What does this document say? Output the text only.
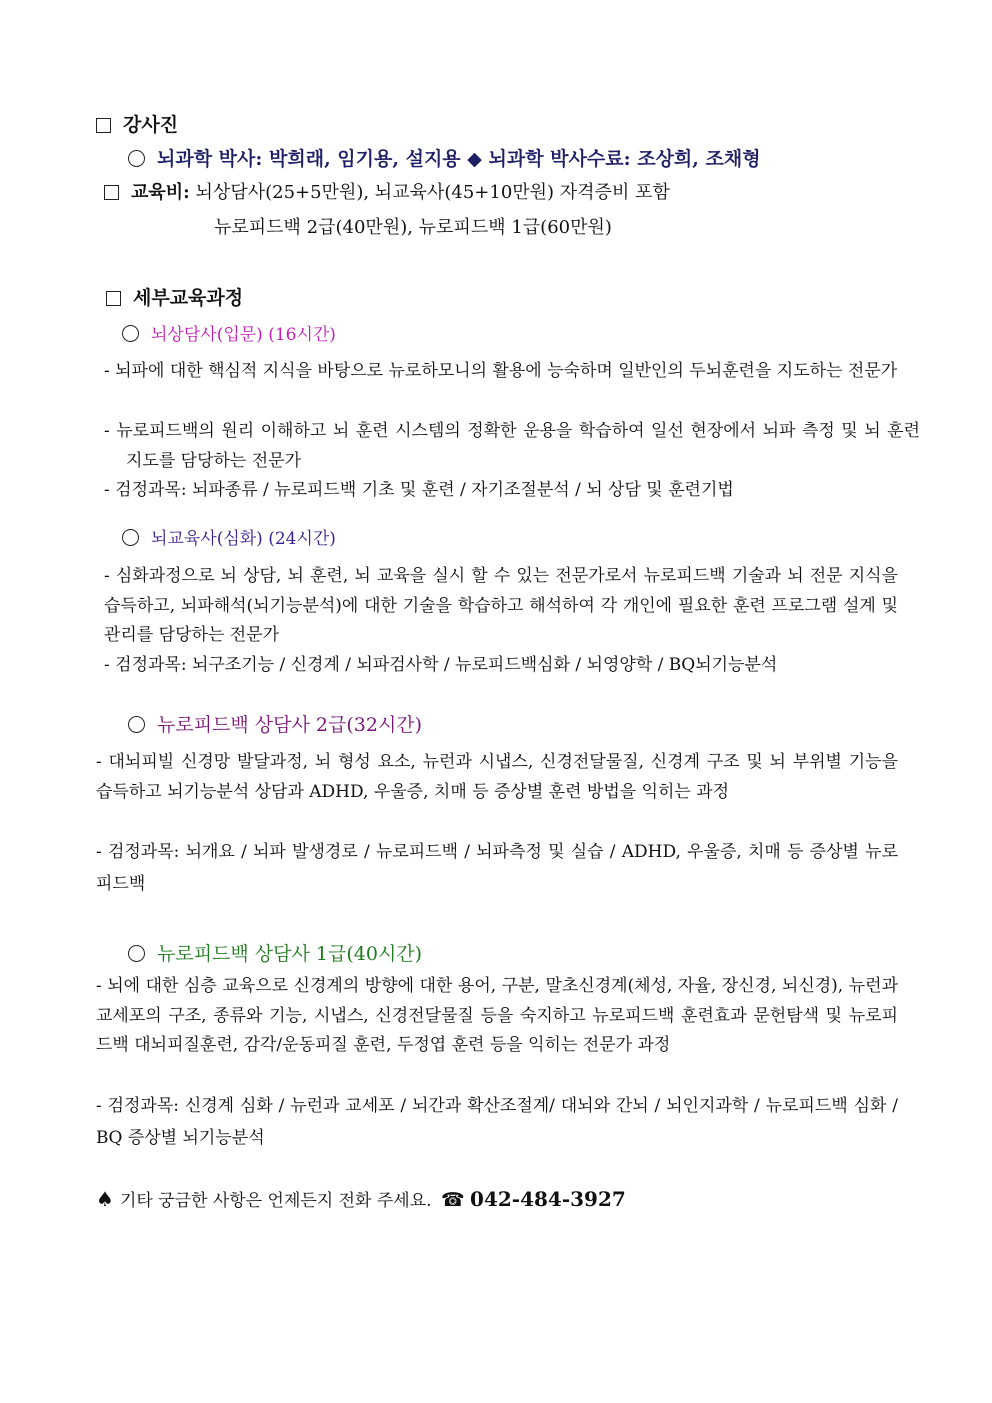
강사진
뇌과학 박사: 박희래, 임기용, 설지용 ◆ 뇌과학 박사수료: 조상희, 조채형
교육비: 뇌상담사(25+5만원), 뇌교육사(45+10만원) 자격증비 포함
뉴로피드백 2급(40만원), 뉴로피드백 1급(60만원)
세부교육과정
뇌상담사(입문) (16시간)
- 뇌파에 대한 핵심적 지식을 바탕으로 뉴로하모니의 활용에 능숙하며 일반인의 두뇌훈련을 지도하는 전문가
- 뉴로피드백의 원리 이해하고 뇌 훈련 시스템의 정확한 운용을 학습하여 일선 현장에서 뇌파 측정 및 뇌 훈련 지도를 담당하는 전문가
- 검정과목: 뇌파종류 / 뉴로피드백 기초 및 훈련 / 자기조절분석 / 뇌 상담 및 훈련기법
뇌교육사(심화) (24시간)
- 심화과정으로 뇌 상담, 뇌 훈련, 뇌 교육을 실시 할 수 있는 전문가로서 뉴로피드백 기술과 뇌 전문 지식을 습득하고, 뇌파해석(뇌기능분석)에 대한 기술을 학습하고 해석하여 각 개인에 필요한 훈련 프로그램 설계 및 관리를 담당하는 전문가
- 검정과목: 뇌구조기능 / 신경계 / 뇌파검사학 / 뉴로피드백심화 / 뇌영양학 / BQ뇌기능분석
뉴로피드백 상담사 2급(32시간)
- 대뇌피빌 신경망 발달과정, 뇌 형성 요소, 뉴런과 시냅스, 신경전달물질, 신경계 구조 및 뇌 부위별 기능을 습득하고 뇌기능분석 상담과 ADHD, 우울증, 치매 등 증상별 훈련 방법을 익히는 과정
- 검정과목: 뇌개요 / 뇌파 발생경로 / 뉴로피드백 / 뇌파측정 및 실습 / ADHD, 우울증, 치매 등 증상별 뉴로피드백
뉴로피드백 상담사 1급(40시간)
- 뇌에 대한 심층 교육으로 신경계의 방향에 대한 용어, 구분, 말초신경계(체성, 자율, 장신경, 뇌신경), 뉴런과 교세포의 구조, 종류와 기능, 시냅스, 신경전달물질 등을 숙지하고 뉴로피드백 훈련효과 문헌탐색 및 뉴로피드백 대뇌피질훈련, 감각/운동피질 훈련, 두정엽 훈련 등을 익히는 전문가 과정
- 검정과목: 신경계 심화 / 뉴런과 교세포 / 뇌간과 확산조절계/ 대뇌와 간뇌 / 뇌인지과학 / 뉴로피드백 심화 / BQ 증상별 뇌기능분석
♠ 기타 궁금한 사항은 언제든지 전화 주세요. ☎ 042-484-3927
